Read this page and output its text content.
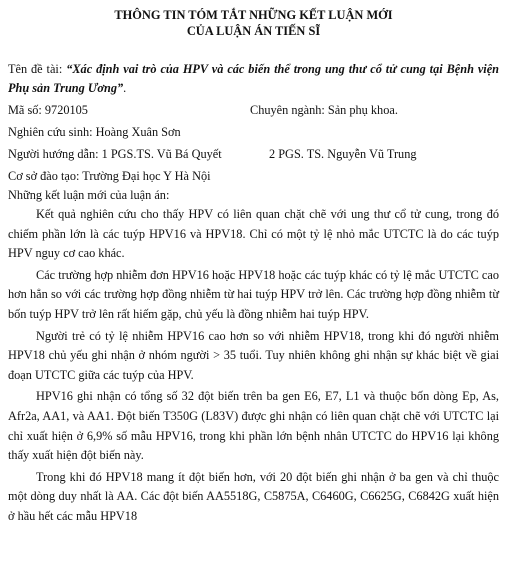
THÔNG TIN TÓM TẮT NHỮNG KẾT LUẬN MỚI
CỦA LUẬN ÁN TIẾN SĨ
Tên đề tài: “Xác định vai trò của HPV và các biến thể trong ung thư cổ tử cung tại Bệnh viện Phụ sản Trung Ương”.
Mã số: 9720105	Chuyên ngành: Sản phụ khoa.
Nghiên cứu sinh: Hoàng Xuân Sơn
Người hướng dẫn: 1 PGS.TS. Vũ Bá Quyết	2 PGS. TS. Nguyễn Vũ Trung
Cơ sở đào tạo: Trường Đại học Y Hà Nội
Những kết luận mới của luận án:

Kết quả nghiên cứu cho thấy HPV có liên quan chặt chẽ với ung thư cổ tử cung, trong đó chiếm phần lớn là các tuýp HPV16 và HPV18. Chỉ có một tỷ lệ nhỏ mắc UTCTC là do các tuýp HPV nguy cơ cao khác.

Các trường hợp nhiễm đơn HPV16 hoặc HPV18 hoặc các tuýp khác có tỷ lệ mắc UTCTC cao hơn hẳn so với các trường hợp đồng nhiễm từ hai tuýp HPV trở lên. Các trường hợp đồng nhiễm từ bốn tuýp HPV trở lên rất hiếm gặp, chủ yếu là đồng nhiễm hai tuýp HPV.

Người trẻ có tỷ lệ nhiễm HPV16 cao hơn so với nhiễm HPV18, trong khi đó người nhiễm HPV18 chủ yếu ghi nhận ở nhóm người > 35 tuổi. Tuy nhiên không ghi nhận sự khác biệt về giai đoạn UTCTC giữa các tuýp của HPV.

HPV16 ghi nhận có tổng số 32 đột biến trên ba gen E6, E7, L1 và thuộc bốn dòng Ep, As, Afr2a, AA1, và AA1. Đột biến T350G (L83V) được ghi nhận có liên quan chặt chẽ với UTCTC lại chỉ xuất hiện ở 6,9% số mẫu HPV16, trong khi phần lớn bệnh nhân UTCTC do HPV16 lại không thấy xuất hiện đột biến này.

Trong khi đó HPV18 mang ít đột biến hơn, với 20 đột biến ghi nhận ở ba gen và chỉ thuộc một dòng duy nhất là AA. Các đột biến AA5518G, C5875A, C6460G, C6625G, C6842G xuất hiện ở hầu hết các mẫu HPV18
